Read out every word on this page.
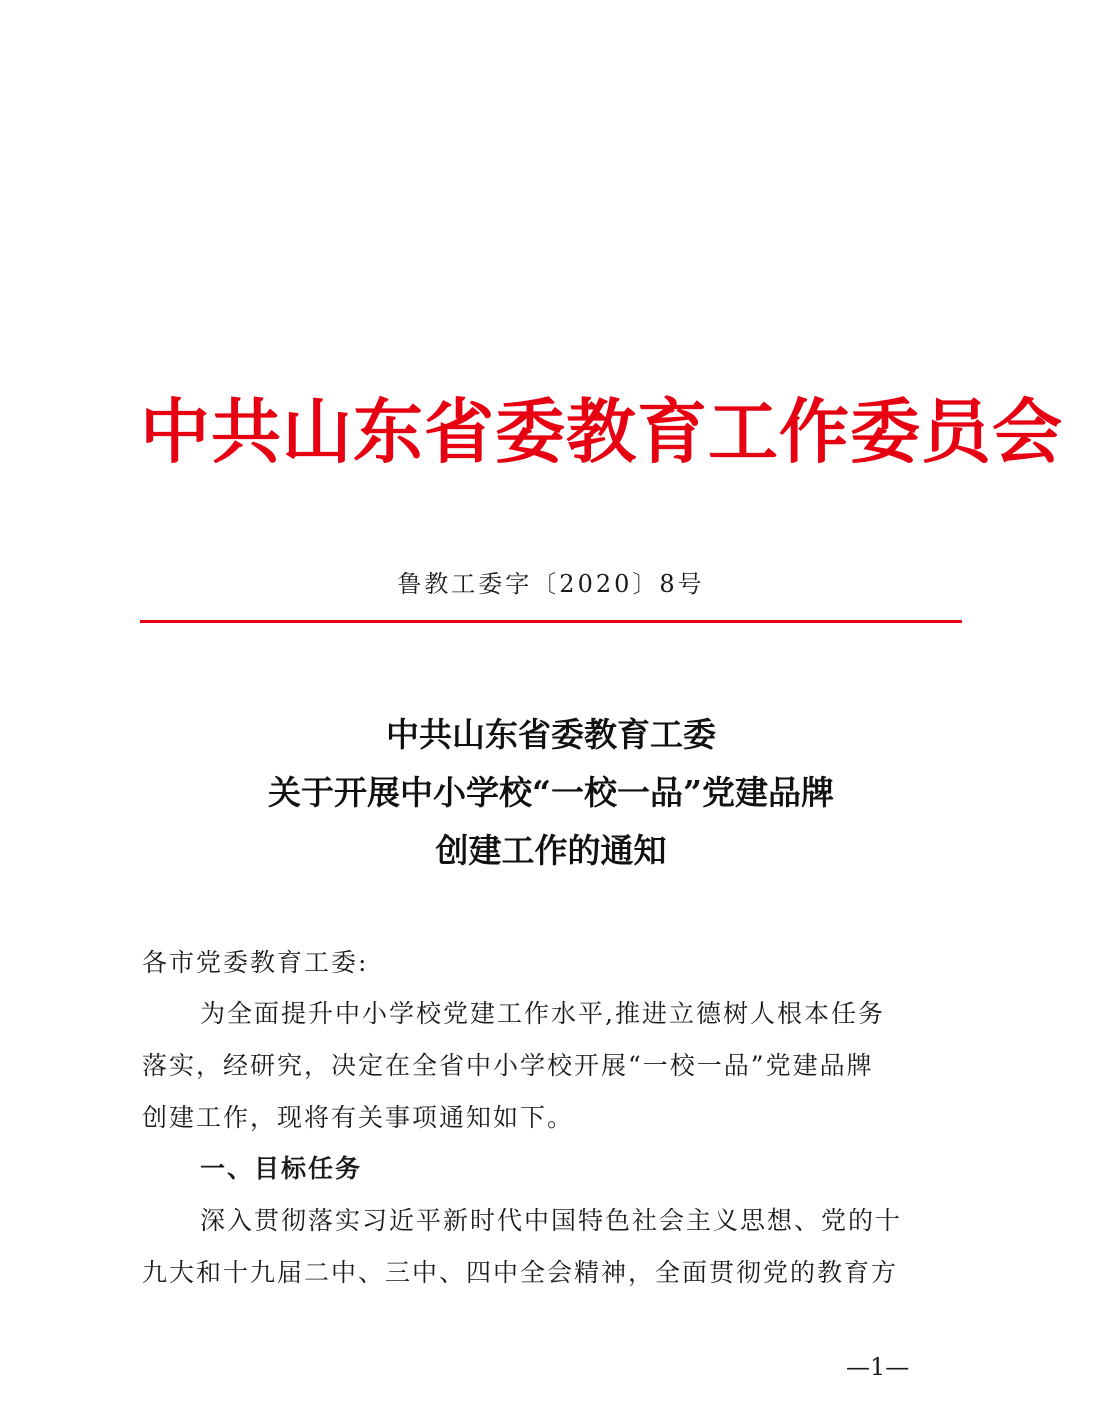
中共山东省委教育工作委员会
鲁教工委字〔2020〕8号
中共山东省委教育工委
关于开展中小学校“一校一品”党建品牌
创建工作的通知
各市党委教育工委:
为全面提升中小学校党建工作水平,推进立德树人根本任务
落实，经研究，决定在全省中小学校开展“一校一品”党建品牌
创建工作，现将有关事项通知如下。
一、目标任务
深入贯彻落实习近平新时代中国特色社会主义思想、党的十
九大和十九届二中、三中、四中全会精神，全面贯彻党的教育方
—1—
